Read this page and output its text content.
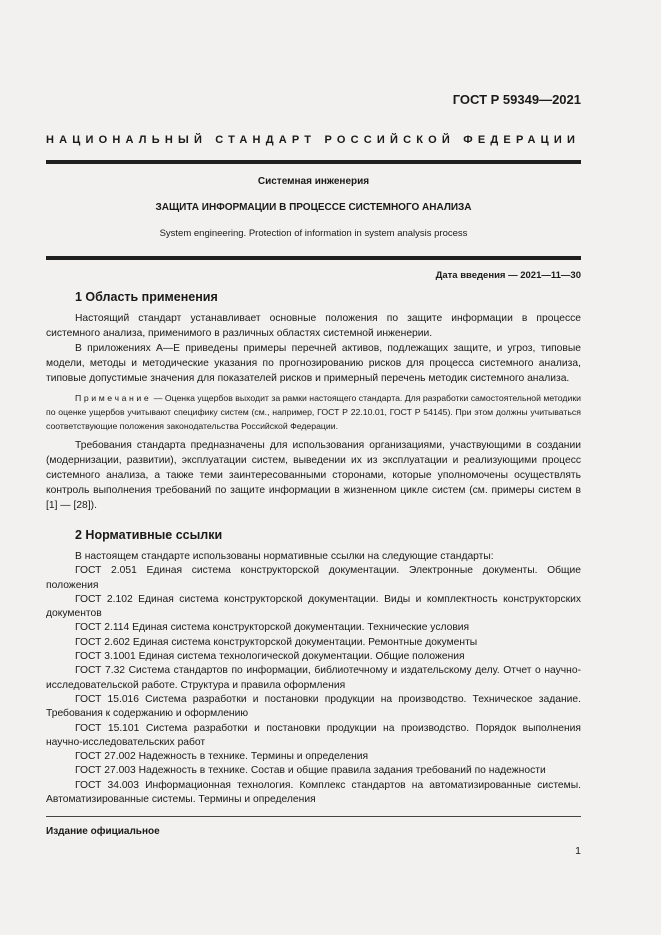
ГОСТ Р 59349—2021
НАЦИОНАЛЬНЫЙ СТАНДАРТ РОССИЙСКОЙ ФЕДЕРАЦИИ
Системная инженерия
ЗАЩИТА ИНФОРМАЦИИ В ПРОЦЕССЕ СИСТЕМНОГО АНАЛИЗА
System engineering. Protection of information in system analysis process
Дата введения — 2021—11—30
1 Область применения

Настоящий стандарт устанавливает основные положения по защите информации в процессе системного анализа, применимого в различных областях системной инженерии.

В приложениях А—Е приведены примеры перечней активов, подлежащих защите, и угроз, типовые модели, методы и методические указания по прогнозированию рисков для процесса системного анализа, типовые допустимые значения для показателей рисков и примерный перечень методик системного анализа.

Примечание — Оценка ущербов выходит за рамки настоящего стандарта. Для разработки самостоятельной методики по оценке ущербов учитывают специфику систем (см., например, ГОСТ Р 22.10.01, ГОСТ Р 54145). При этом должны учитываться соответствующие положения законодательства Российской Федерации.

Требования стандарта предназначены для использования организациями, участвующими в создании (модернизации, развитии), эксплуатации систем, выведении их из эксплуатации и реализующими процесс системного анализа, а также теми заинтересованными сторонами, которые уполномочены осуществлять контроль выполнения требований по защите информации в жизненном цикле систем (см. примеры систем в [1] — [28]).

2 Нормативные ссылки

В настоящем стандарте использованы нормативные ссылки на следующие стандарты:

ГОСТ 2.051 Единая система конструкторской документации. Электронные документы. Общие положения

ГОСТ 2.102 Единая система конструкторской документации. Виды и комплектность конструкторских документов

ГОСТ 2.114 Единая система конструкторской документации. Технические условия

ГОСТ 2.602 Единая система конструкторской документации. Ремонтные документы

ГОСТ 3.1001 Единая система технологической документации. Общие положения

ГОСТ 7.32 Система стандартов по информации, библиотечному и издательскому делу. Отчет о научно-исследовательской работе. Структура и правила оформления

ГОСТ 15.016 Система разработки и постановки продукции на производство. Техническое задание. Требования к содержанию и оформлению

ГОСТ 15.101 Система разработки и постановки продукции на производство. Порядок выполнения научно-исследовательских работ

ГОСТ 27.002 Надежность в технике. Термины и определения

ГОСТ 27.003 Надежность в технике. Состав и общие правила задания требований по надежности

ГОСТ 34.003 Информационная технология. Комплекс стандартов на автоматизированные системы. Автоматизированные системы. Термины и определения

Издание официальное
1
